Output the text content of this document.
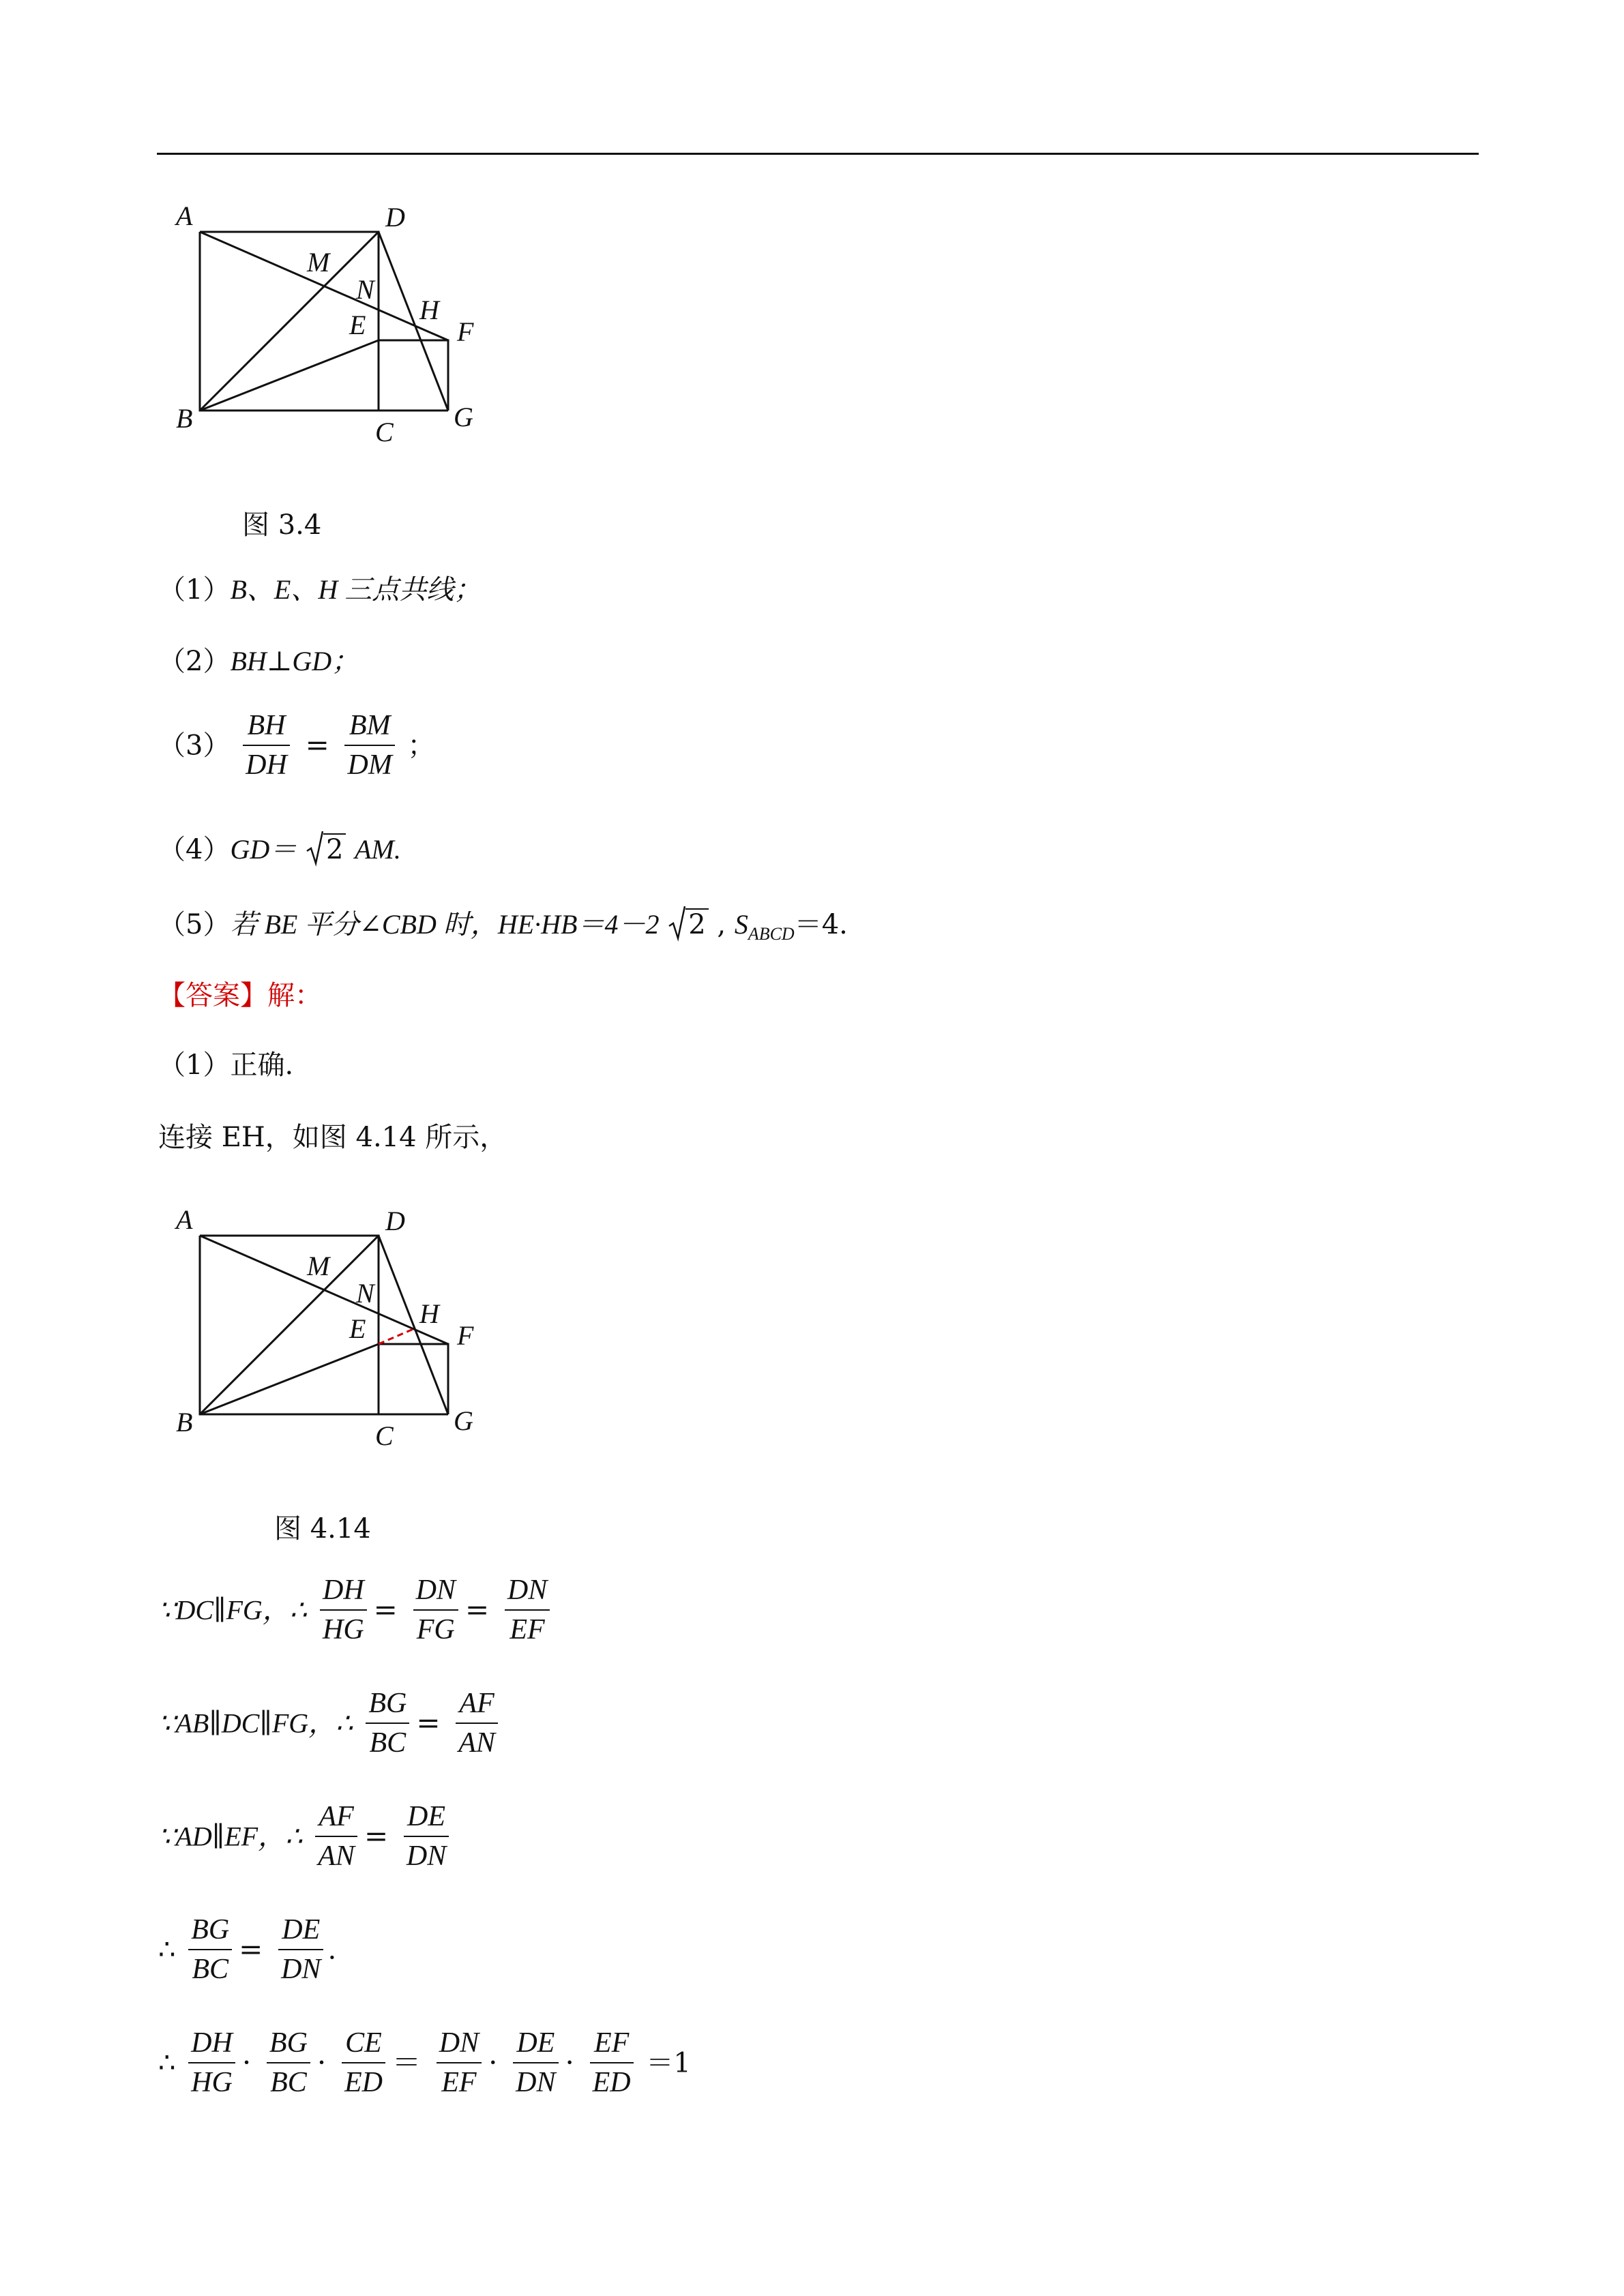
A	D
M
N
H
E	F
B	C G
图 3.4
（1）B、E、H 三点共线；
（2）BH⊥GD；
$(3) \frac{BH}{DH} = \frac{BM}{DM}$ ；
（4）GD＝ 2 AM.
（5）若 BE 平分∠CBD 时，HE·HB＝4－2 2 , $S_{ABCD}=4$.
【答案】解：
（1）正确.
连接 EH，如图 4.14 所示，
A	D
M
N
H
E	F
B	C G
图 4.14
∵DC∥FG，∴ $\frac{DH}{HG} = \frac{DN}{FG} = \frac{DN}{EF}$
∵AB∥DC∥FG，∴ $\frac{BG}{BC} = \frac{AF}{AN}$
∵AD∥EF，∴ $\frac{AF}{AN} = \frac{DE}{DN}$
∴ $\frac{BG}{BC} = \frac{DE}{DN}$ .
∴ $\frac{DH}{HG} \cdot \frac{BG}{BC} \cdot \frac{CE}{ED} = \frac{DN}{EF} \cdot \frac{DE}{DN} \cdot \frac{EF}{ED} =1$
